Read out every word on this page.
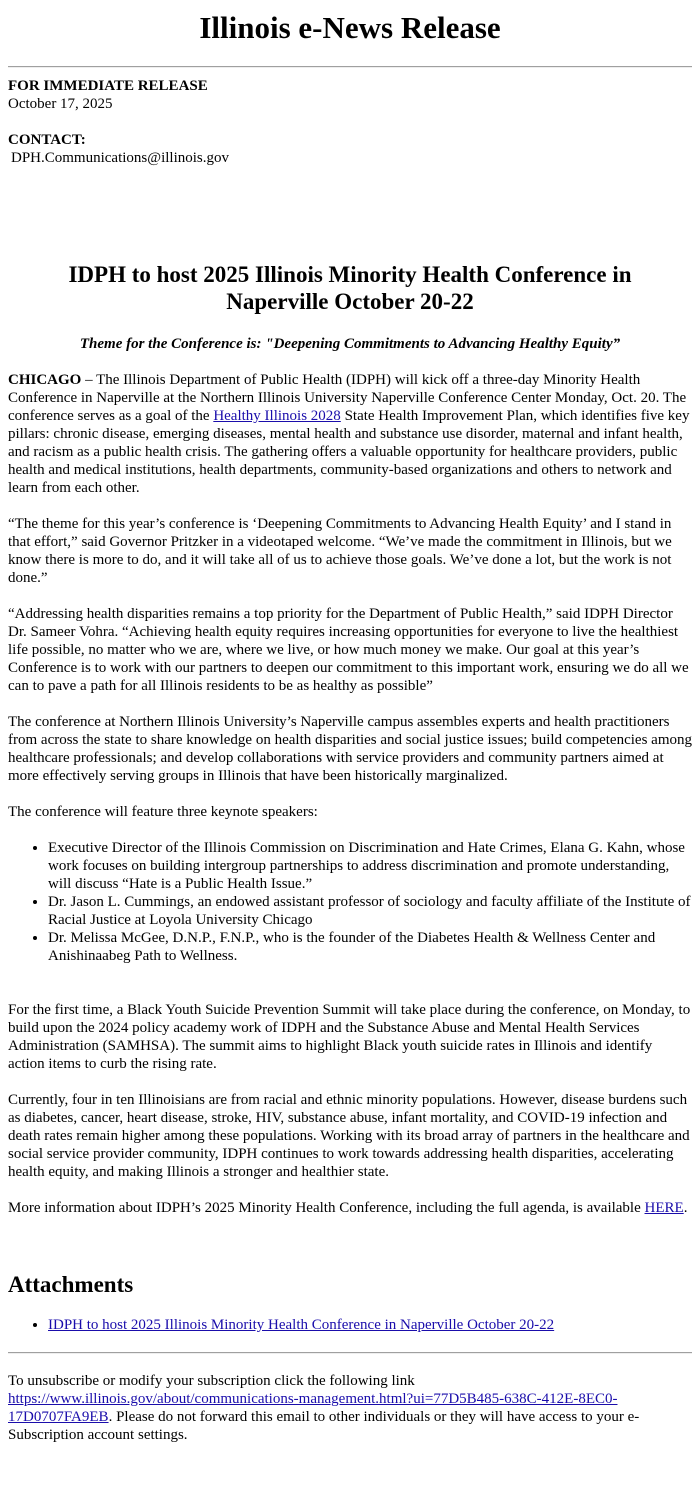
Illinois e-News Release
FOR IMMEDIATE RELEASE
October 17, 2025
CONTACT:
DPH.Communications@illinois.gov
IDPH to host 2025 Illinois Minority Health Conference in Naperville October 20-22
Theme for the Conference is: "Deepening Commitments to Advancing Healthy Equity”

CHICAGO – The Illinois Department of Public Health (IDPH) will kick off a three-day Minority Health Conference in Naperville at the Northern Illinois University Naperville Conference Center Monday, Oct. 20. The conference serves as a goal of the Healthy Illinois 2028 State Health Improvement Plan, which identifies five key pillars: chronic disease, emerging diseases, mental health and substance use disorder, maternal and infant health, and racism as a public health crisis. The gathering offers a valuable opportunity for healthcare providers, public health and medical institutions, health departments, community-based organizations and others to network and learn from each other.

“The theme for this year’s conference is ‘Deepening Commitments to Advancing Health Equity’ and I stand in that effort,” said Governor Pritzker in a videotaped welcome. “We’ve made the commitment in Illinois, but we know there is more to do, and it will take all of us to achieve those goals. We’ve done a lot, but the work is not done.”

“Addressing health disparities remains a top priority for the Department of Public Health,” said IDPH Director Dr. Sameer Vohra. “Achieving health equity requires increasing opportunities for everyone to live the healthiest life possible, no matter who we are, where we live, or how much money we make. Our goal at this year’s Conference is to work with our partners to deepen our commitment to this important work, ensuring we do all we can to pave a path for all Illinois residents to be as healthy as possible”

The conference at Northern Illinois University’s Naperville campus assembles experts and health practitioners from across the state to share knowledge on health disparities and social justice issues; build competencies among healthcare professionals; and develop collaborations with service providers and community partners aimed at more effectively serving groups in Illinois that have been historically marginalized.

The conference will feature three keynote speakers:

• Executive Director of the Illinois Commission on Discrimination and Hate Crimes, Elana G. Kahn, whose work focuses on building intergroup partnerships to address discrimination and promote understanding, will discuss “Hate is a Public Health Issue.”
• Dr. Jason L. Cummings, an endowed assistant professor of sociology and faculty affiliate of the Institute of Racial Justice at Loyola University Chicago
• Dr. Melissa McGee, D.N.P., F.N.P., who is the founder of the Diabetes Health & Wellness Center and Anishinaabeg Path to Wellness.

For the first time, a Black Youth Suicide Prevention Summit will take place during the conference, on Monday, to build upon the 2024 policy academy work of IDPH and the Substance Abuse and Mental Health Services Administration (SAMHSA). The summit aims to highlight Black youth suicide rates in Illinois and identify action items to curb the rising rate.

Currently, four in ten Illinoisians are from racial and ethnic minority populations. However, disease burdens such as diabetes, cancer, heart disease, stroke, HIV, substance abuse, infant mortality, and COVID-19 infection and death rates remain higher among these populations. Working with its broad array of partners in the healthcare and social service provider community, IDPH continues to work towards addressing health disparities, accelerating health equity, and making Illinois a stronger and healthier state.

More information about IDPH’s 2025 Minority Health Conference, including the full agenda, is available HERE.

Attachments
• IDPH to host 2025 Illinois Minority Health Conference in Naperville October 20-22

To unsubscribe or modify your subscription click the following link https://www.illinois.gov/about/communications-management.html?ui=77D5B485-638C-412E-8EC0-17D0707FA9EB. Please do not forward this email to other individuals or they will have access to your e-Subscription account settings.
